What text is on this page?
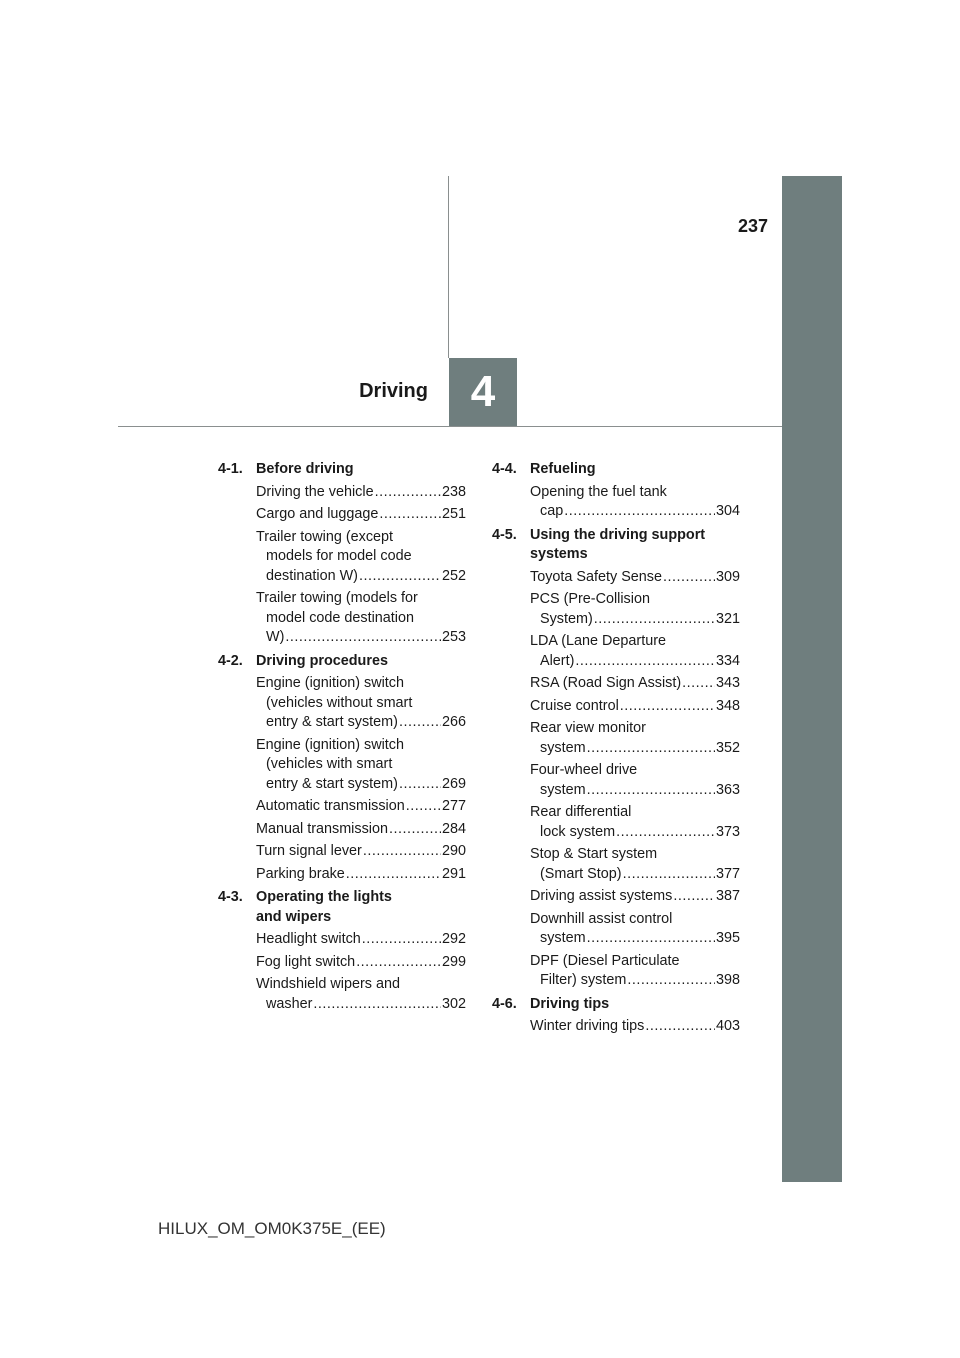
237
Driving 4
4-1. Before driving
Driving the vehicle .....	238
Cargo and luggage .....	251
Trailer towing (except
models for model code
destination W) .....	252
Trailer towing (models for
model code destination
W) .....	253
4-2. Driving procedures
Engine (ignition) switch
(vehicles without smart
entry & start system) .....	266
Engine (ignition) switch
(vehicles with smart
entry & start system) .....	269
Automatic transmission .....	277
Manual transmission .....	284
Turn signal lever .....	290
Parking brake .....	291
4-3. Operating the lights
and wipers
Headlight switch .....	292
Fog light switch .....	299
Windshield wipers and
washer .....	302
4-4. Refueling
Opening the fuel tank
cap .....	304
4-5. Using the driving support
systems
Toyota Safety Sense .....	309
PCS (Pre-Collision
System) .....	321
LDA (Lane Departure
Alert) .....	334
RSA (Road Sign Assist) ..... 343
Cruise control .....	348
Rear view monitor
system .....	352
Four-wheel drive
system .....	363
Rear differential
lock system .....	373
Stop & Start system
(Smart Stop) .....	377
Driving assist systems .....	387
Downhill assist control
system .....	395
DPF (Diesel Particulate
Filter) system .....	398
4-6. Driving tips
Winter driving tips .....	403
HILUX_OM_OM0K375E_(EE)
